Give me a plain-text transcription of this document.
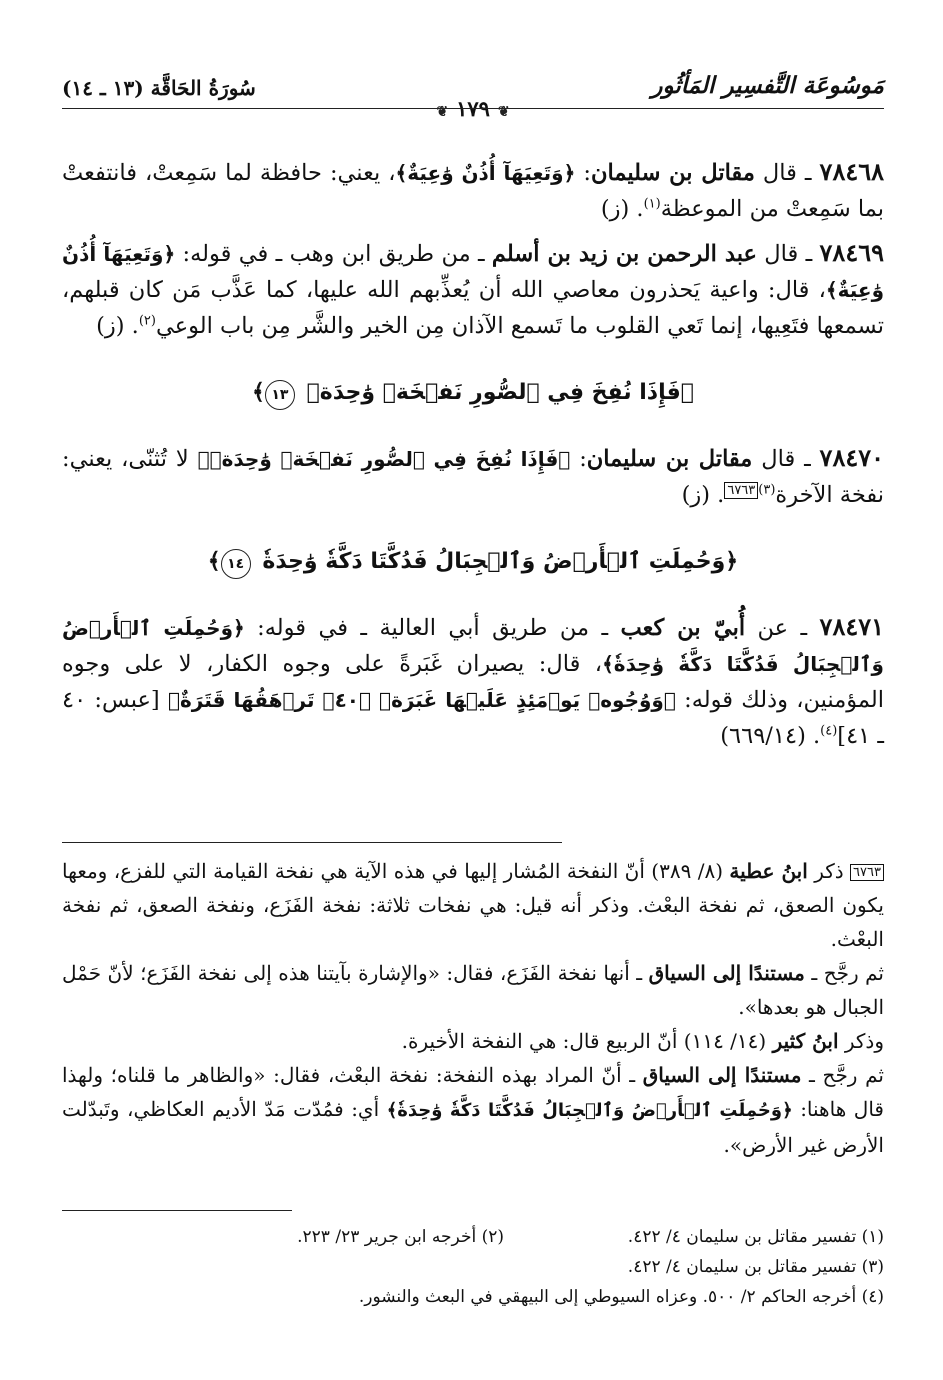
مَوسُوعَة التَّفسِير المَأثُور
سُورَةُ الحَاقَّة (١٣ ـ ١٤)
❦١٧٩❦

٧٨٤٦٨ ـ قال مقاتل بن سليمان: ﴿وَتَعِيَهَآ أُذُنٌ وَٰعِيَةٌ﴾، يعني: حافظة لما سَمِعتْ، فانتفعتْ بما سَمِعتْ من الموعظة$^{(١)}$. (ز)

٧٨٤٦٩ ـ قال عبد الرحمن بن زيد بن أسلم ـ من طريق ابن وهب ـ في قوله: ﴿وَتَعِيَهَآ أُذُنٌ وَٰعِيَةٌ﴾، قال: واعية يَحذرون معاصي الله أن يُعذِّبهم الله عليها، كما عَذَّب مَن كان قبلهم، تسمعها فتَعِيها، إنما تَعي القلوب ما تَسمع الآذان مِن الخير والشَّر مِن باب الوعي$^{(٢)}$. (ز)

﴿فَإِذَا نُفِخَ فِي ٱلصُّورِ نَفۡخَةٞ وَٰحِدَةٞ ١٣﴾

٧٨٤٧٠ ـ قال مقاتل بن سليمان: ﴿فَإِذَا نُفِخَ فِي ٱلصُّورِ نَفۡخَةٞ وَٰحِدَةٞ﴾ لا تُثنّى، يعني: نفخة الآخرة$^{(٣)}$٦٧٦٣. (ز)

﴿وَحُمِلَتِ ٱلۡأَرۡضُ وَٱلۡجِبَالُ فَدُكَّتَا دَكَّةٗ وَٰحِدَةٗ ١٤﴾

٧٨٤٧١ ـ عن أُبيّ بن كعب ـ من طريق أبي العالية ـ في قوله: ﴿وَحُمِلَتِ ٱلۡأَرۡضُ وَٱلۡجِبَالُ فَدُكَّتَا دَكَّةٗ وَٰحِدَةٗ﴾، قال: يصيران غَبَرةً على وجوه الكفار، لا على وجوه المؤمنين، وذلك قوله: ﴿وَوُجُوهٞ يَوۡمَئِذٍ عَلَيۡهَا غَبَرَةٞ ﴿٤٠﴾ تَرۡهَقُهَا قَتَرَةٌ﴾ [عبس: ٤٠ ـ ٤١]$^{(٤)}$. (٦٦٩/١٤)

٦٧٦٣ ذكر ابنُ عطية (٨/ ٣٨٩) أنّ النفخة المُشار إليها في هذه الآية هي نفخة القيامة التي للفزع، ومعها يكون الصعق، ثم نفخة البعْث. وذكر أنه قيل: هي نفخات ثلاثة: نفخة الفَزَع، ونفخة الصعق، ثم نفخة البعْث.

ثم رجَّح ـ مستندًا إلى السياق ـ أنها نفخة الفَزَع، فقال: «والإشارة بآيتنا هذه إلى نفخة الفَزَع؛ لأنّ حَمْل الجبال هو بعدها».

وذكر ابنُ كثير (١٤/ ١١٤) أنّ الربيع قال: هي النفخة الأخيرة.

ثم رجَّح ـ مستندًا إلى السياق ـ أنّ المراد بهذه النفخة: نفخة البعْث، فقال: «والظاهر ما قلناه؛ ولهذا قال هاهنا: ﴿وَحُمِلَتِ ٱلۡأَرۡضُ وَٱلۡجِبَالُ فَدُكَّتَا دَكَّةٗ وَٰحِدَةٗ﴾ أي: فمُدّت مَدّ الأديم العكاظي، وتَبدّلت الأرض غير الأرض».

(١) تفسير مقاتل بن سليمان ٤/ ٤٢٢.
(٢) أخرجه ابن جرير ٢٣/ ٢٢٣.
(٣) تفسير مقاتل بن سليمان ٤/ ٤٢٢.
(٤) أخرجه الحاكم ٢/ ٥٠٠. وعزاه السيوطي إلى البيهقي في البعث والنشور.
